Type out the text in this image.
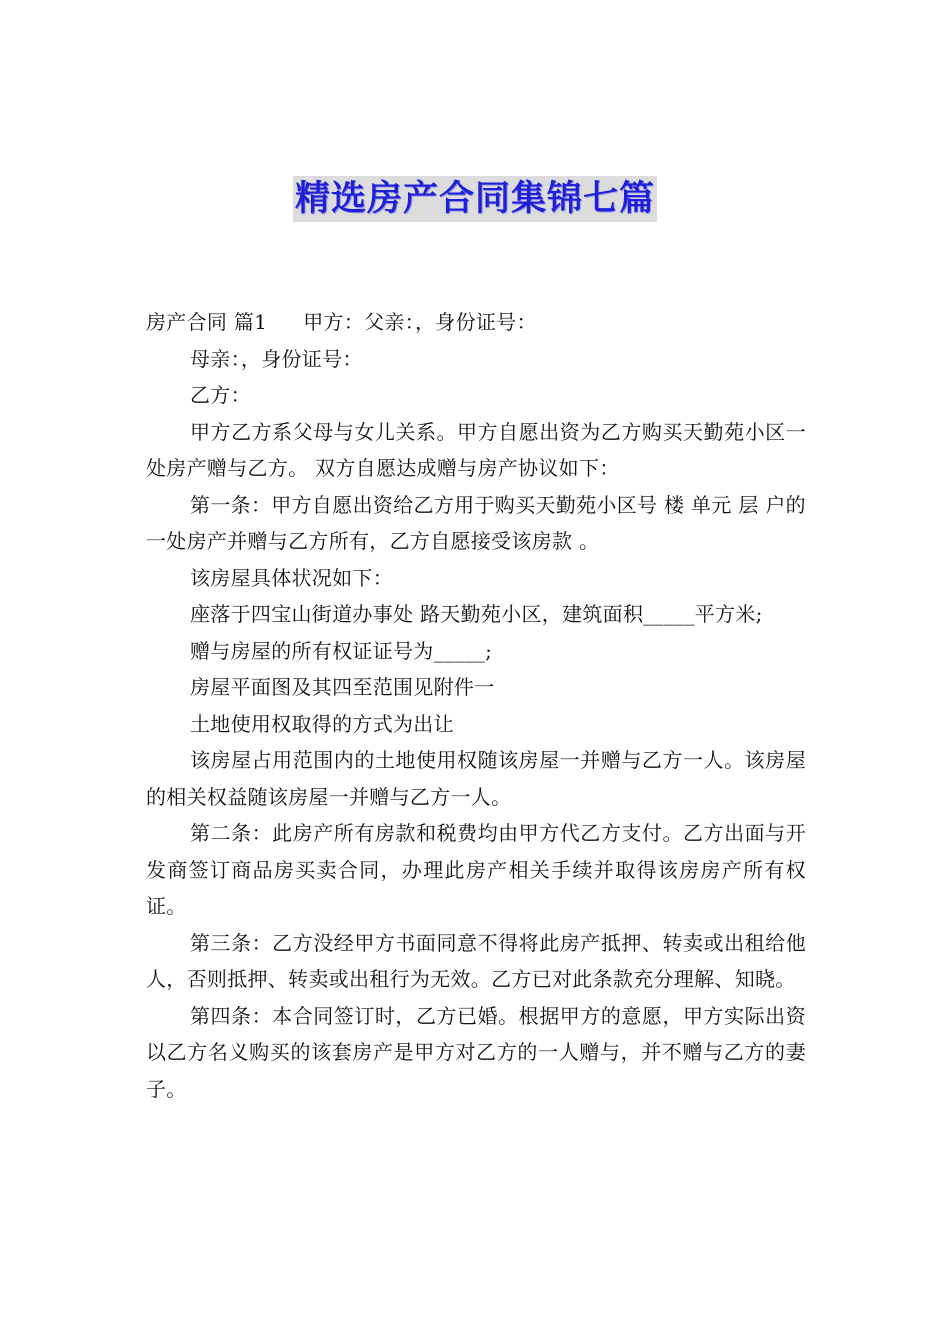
精选房产合同集锦七篇

房产合同 篇1 甲方：父亲：，身份证号：

母亲：，身份证号：

乙方：

甲方乙方系父母与女儿关系。甲方自愿出资为乙方购买天勤苑小区一处房产赠与乙方。 双方自愿达成赠与房产协议如下：

第一条：甲方自愿出资给乙方用于购买天勤苑小区号 楼 单元 层 户的一处房产并赠与乙方所有，乙方自愿接受该房款 。

该房屋具体状况如下：

座落于四宝山街道办事处 路天勤苑小区，建筑面积_____平方米;

赠与房屋的所有权证证号为_____;

房屋平面图及其四至范围见附件一

土地使用权取得的方式为出让

该房屋占用范围内的土地使用权随该房屋一并赠与乙方一人。该房屋的相关权益随该房屋一并赠与乙方一人。

第二条：此房产所有房款和税费均由甲方代乙方支付。乙方出面与开发商签订商品房买卖合同，办理此房产相关手续并取得该房房产所有权证。

第三条：乙方没经甲方书面同意不得将此房产抵押、转卖或出租给他人，否则抵押、转卖或出租行为无效。乙方已对此条款充分理解、知晓。

第四条：本合同签订时，乙方已婚。根据甲方的意愿，甲方实际出资以乙方名义购买的该套房产是甲方对乙方的一人赠与，并不赠与乙方的妻子。
